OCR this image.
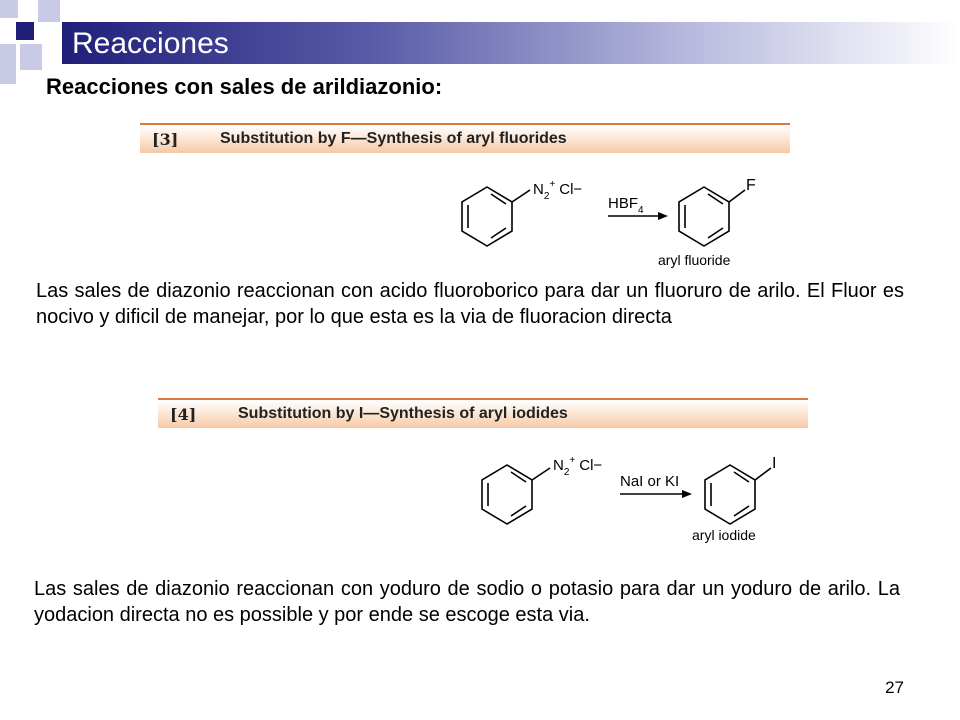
Reacciones
Reacciones con sales de arildiazonio:
[3]	Substitution by F—Synthesis of aryl fluorides
$N_2^+$ Cl−
$HBF_4$
F
aryl fluoride
Las sales de diazonio reaccionan con acido fluoroborico para dar un fluoruro de arilo. El Fluor es nocivo y dificil de manejar, por lo que esta es la via de fluoracion directa
[4]	Substitution by I—Synthesis of aryl iodides
$N_2^+$ Cl−
NaI or KI
I
aryl iodide
Las sales de diazonio reaccionan con yoduro de sodio o potasio para dar un yoduro de arilo. La yodacion directa no es possible y por ende se escoge esta via.
27
